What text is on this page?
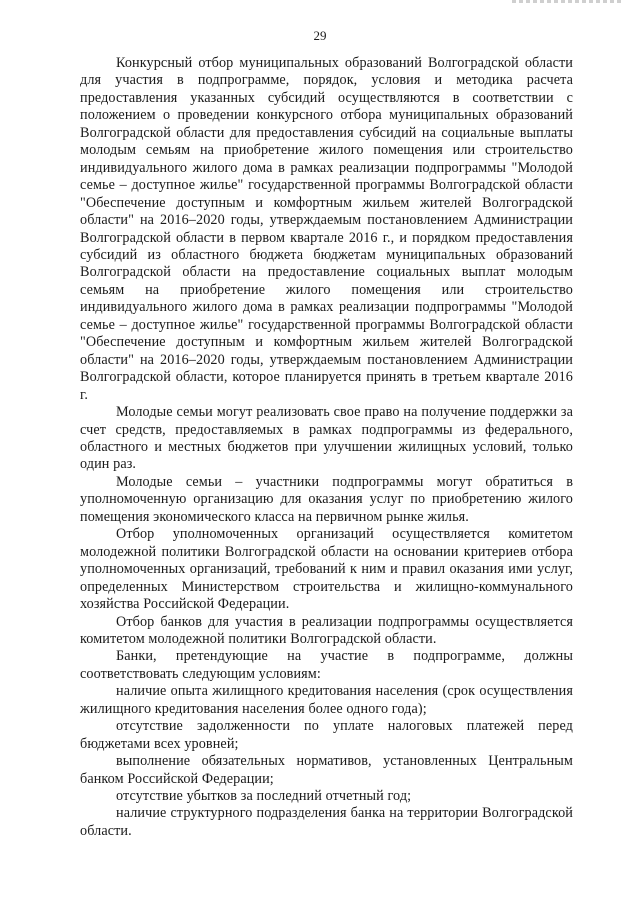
29

Конкурсный отбор муниципальных образований Волгоградской области для участия в подпрограмме, порядок, условия и методика расчета предоставления указанных субсидий осуществляются в соответствии с положением о проведении конкурсного отбора муниципальных образований Волгоградской области для предоставления субсидий на социальные выплаты молодым семьям на приобретение жилого помещения или строительство индивидуального жилого дома в рамках реализации подпрограммы "Молодой семье – доступное жилье" государственной программы Волгоградской области "Обеспечение доступным и комфортным жильем жителей Волгоградской области" на 2016–2020 годы, утверждаемым постановлением Администрации Волгоградской области в первом квартале 2016 г., и порядком предоставления субсидий из областного бюджета бюджетам муниципальных образований Волгоградской области на предоставление социальных выплат молодым семьям на приобретение жилого помещения или строительство индивидуального жилого дома в рамках реализации подпрограммы "Молодой семье – доступное жилье" государственной программы Волгоградской области "Обеспечение доступным и комфортным жильем жителей Волгоградской области" на 2016–2020 годы, утверждаемым постановлением Администрации Волгоградской области, которое планируется принять в третьем квартале 2016 г.

Молодые семьи могут реализовать свое право на получение поддержки за счет средств, предоставляемых в рамках подпрограммы из федерального, областного и местных бюджетов при улучшении жилищных условий, только один раз.

Молодые семьи – участники подпрограммы могут обратиться в уполномоченную организацию для оказания услуг по приобретению жилого помещения экономического класса на первичном рынке жилья.

Отбор уполномоченных организаций осуществляется комитетом молодежной политики Волгоградской области на основании критериев отбора уполномоченных организаций, требований к ним и правил оказания ими услуг, определенных Министерством строительства и жилищно-коммунального хозяйства Российской Федерации.

Отбор банков для участия в реализации подпрограммы осуществляется комитетом молодежной политики Волгоградской области.

Банки, претендующие на участие в подпрограмме, должны соответствовать следующим условиям:

наличие опыта жилищного кредитования населения (срок осуществления жилищного кредитования населения более одного года);

отсутствие задолженности по уплате налоговых платежей перед бюджетами всех уровней;

выполнение обязательных нормативов, установленных Центральным банком Российской Федерации;

отсутствие убытков за последний отчетный год;

наличие структурного подразделения банка на территории Волгоградской области.
